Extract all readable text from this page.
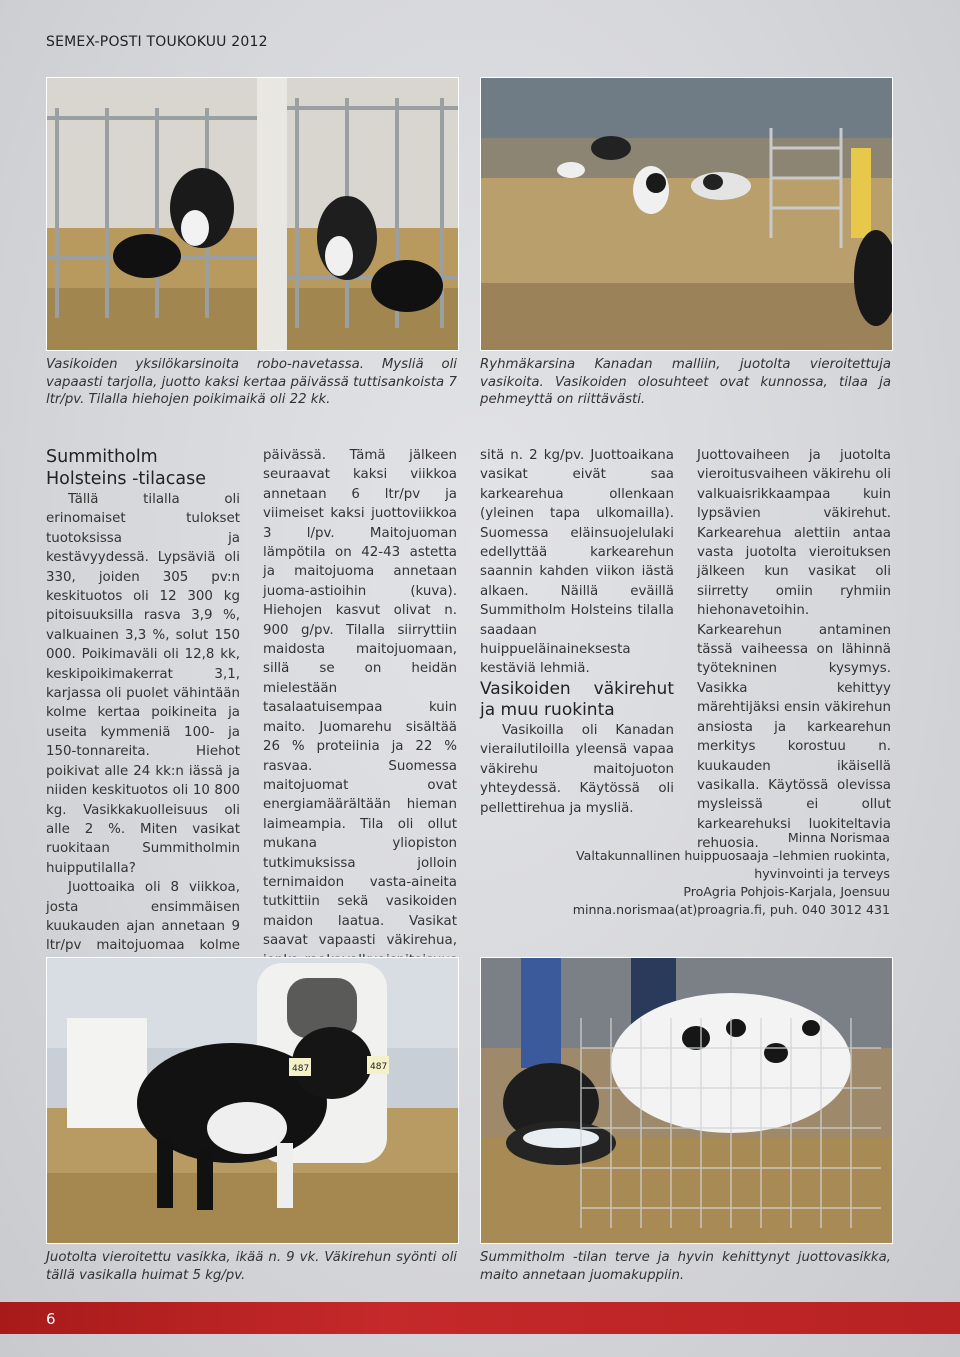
SEMEX-POSTI TOUKOKUU 2012
Vasikoiden yksilökarsinoita robo-navetassa. Mysliä oli vapaasti tarjolla, juotto kaksi kertaa päivässä tuttisankoista 7 ltr/pv. Tilalla hiehojen poikimaikä oli 22 kk.
Ryhmäkarsina Kanadan malliin, juotolta vieroitettuja vasikoita. Vasikoiden olosuhteet ovat kunnossa, tilaa ja pehmeyttä on riittävästi.

Summitholm Holsteins -tilacase

Tällä tilalla oli erinomaiset tulokset tuotoksissa ja kestävyydessä. Lypsäviä oli 330, joiden 305 pv:n keskituotos oli 12 300 kg pitoisuuksilla rasva 3,9 %, valkuainen 3,3 %, solut 150 000. Poikimaväli oli 12,8 kk, keskipoikimakerrat 3,1, karjassa oli puolet vähintään kolme kertaa poikineita ja useita kymmeniä 100- ja 150-tonnareita. Hiehot poikivat alle 24 kk:n iässä ja niiden keskituotos oli 10 800 kg. Vasikkakuolleisuus oli alle 2 %. Miten vasikat ruokitaan Summitholmin huipputilalla?

Juottoaika oli 8 viikkoa, josta ensimmäisen kuukauden ajan annetaan 9 ltr/pv maitojuomaa kolme

päivässä. Tämä jälkeen seuraavat kaksi viikkoa annetaan 6 ltr/pv ja viimeiset kaksi juottoviikkoa 3 l/pv. Maitojuoman lämpötila on 42-43 astetta ja maitojuoma annetaan juoma-astioihin (kuva). Hiehojen kasvut olivat n. 900 g/pv. Tilalla siirryttiin maidosta maitojuomaan, sillä se on heidän mielestään tasalaatuisempaa kuin maito. Juomarehu sisältää 26 % proteiinia ja 22 % rasvaa. Suomessa maitojuomat ovat energiamäärältään hieman laimeampia. Tila oli ollut mukana yliopiston tutkimuksissa jolloin ternimaidon vasta-aineita tutkittiin sekä vasikoiden maidon laatua. Vasikat saavat vapaasti väkirehua,

sitä n. 2 kg/pv. Juottoaikana vasikat eivät saa karkearehua ollenkaan (yleinen tapa ulkomailla). Suomessa eläinsuojelulaki edellyttää karkearehun saannin kahden viikon iästä alkaen. Näillä eväillä Summitholm Holsteins tilalla saadaan huippueläinaineksesta kestäviä lehmiä.

Vasikoiden väkirehut ja muu ruokinta

Vasikoilla oli Kanadan vierailutiloilla yleensä vapaa väkirehu maitojuoton yhteydessä. Käytössä oli pellettirehua ja mysliä.

Juottovaiheen ja juotolta vieroitusvaiheen väkirehu oli valkuaisrikkaampaa kuin lypsävien väkirehut. Karkearehua alettiin antaa vasta juotolta vieroituksen jälkeen kun vasikat oli siirretty omiin ryhmiin hiehonavetoihin. Karkearehun antaminen tässä vaiheessa on lähinnä työtekninen kysymys. Vasikka kehittyy märehtijäksi ensin väkirehun ansiosta ja karkearehun merkitys korostuu n. kuukauden ikäisellä vasikalla. Käytössä olevissa mysleissä ei ollut karkearehuksi luokiteltavia rehuosia.	Minna Norismaa
Valtakunnallinen huippuosaaja –lehmien ruokinta,
hyvinvointi ja terveys
ProAgria Pohjois-Karjala, Joensuu
minna.norismaa(at)proagria.fi, puh. 040 3012 431
487	487
Juotolta vieroitettu vasikka, ikää n. 9 vk. Väkirehun syönti oli tällä vasikalla huimat 5 kg/pv.
Summitholm -tilan terve ja hyvin kehittynyt juottovasikka, maito annetaan juomakuppiin.
6
